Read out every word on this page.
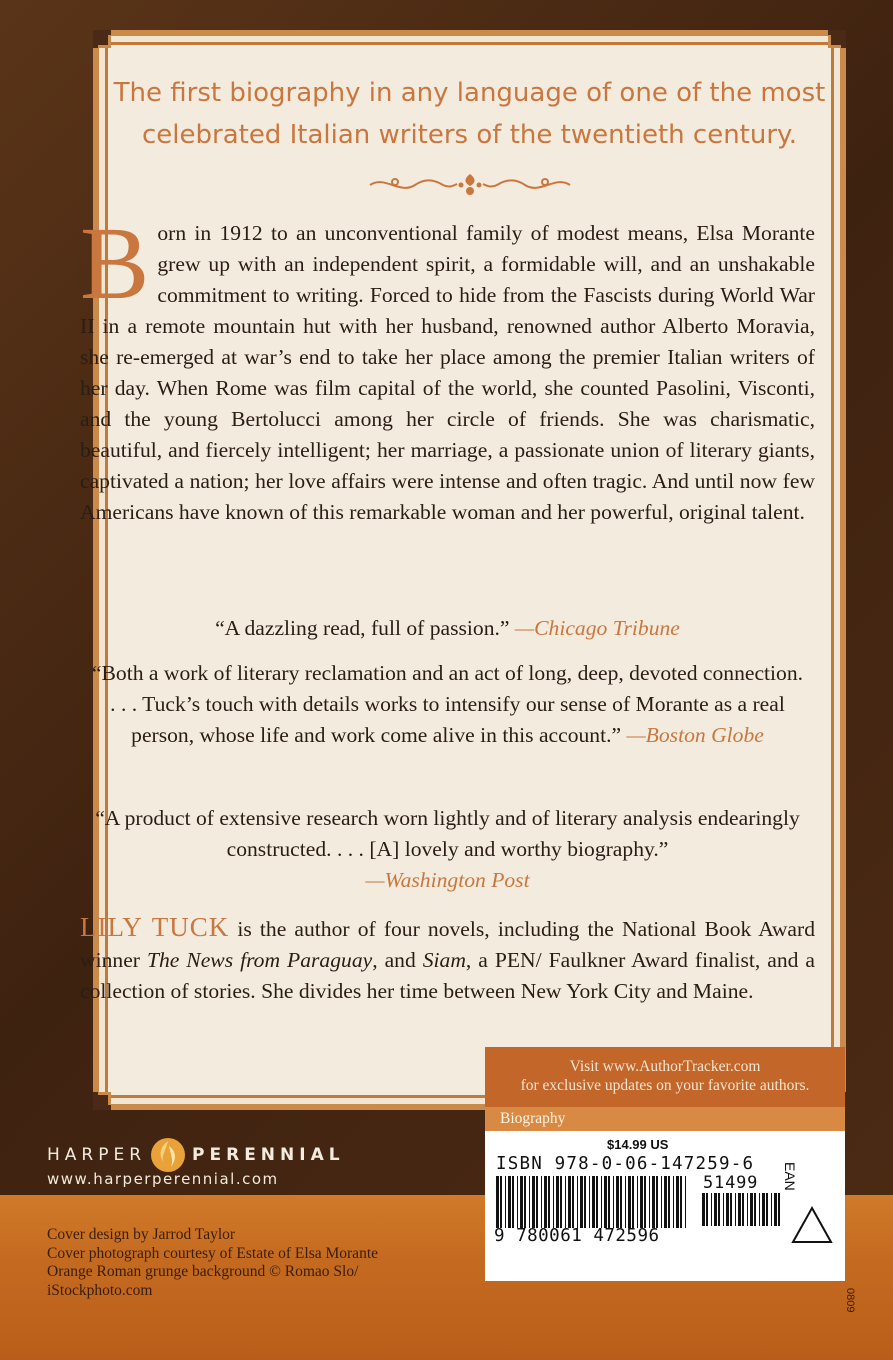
The first biography in any language of one of the most celebrated Italian writers of the twentieth century.

Born in 1912 to an unconventional family of modest means, Elsa Morante grew up with an independent spirit, a formidable will, and an unshakable commitment to writing. Forced to hide from the Fascists during World War II in a remote mountain hut with her husband, renowned author Alberto Moravia, she re-emerged at war’s end to take her place among the premier Italian writers of her day. When Rome was film capital of the world, she counted Pasolini, Visconti, and the young Bertolucci among her circle of friends. She was charismatic, beautiful, and fiercely intelligent; her marriage, a passionate union of literary giants, captivated a nation; her love affairs were intense and often tragic. And until now few Americans have known of this remarkable woman and her powerful, original talent.

“A dazzling read, full of passion.” —Chicago Tribune

“Both a work of literary reclamation and an act of long, deep, devoted connection. . . . Tuck’s touch with details works to intensify our sense of Morante as a real person, whose life and work come alive in this account.” —Boston Globe

“A product of extensive research worn lightly and of literary analysis endearingly constructed. . . . [A] lovely and worthy biography.”
—Washington Post

LILY TUCK is the author of four novels, including the National Book Award winner The News from Paraguay, and Siam, a PEN/ Faulkner Award finalist, and a collection of stories. She divides her time between New York City and Maine.

HARPER	PERENNIAL
www.harperperennial.com

Cover design by Jarrod Taylor
Cover photograph courtesy of Estate of Elsa Morante
Orange Roman grunge background © Romao Slo/
iStockphoto.com

Visit www.AuthorTracker.com
for exclusive updates on your favorite authors.
Biography
$14.99 US
ISBN 978-0-06-147259-6
51499 EAN
9 780061 472596
0809
